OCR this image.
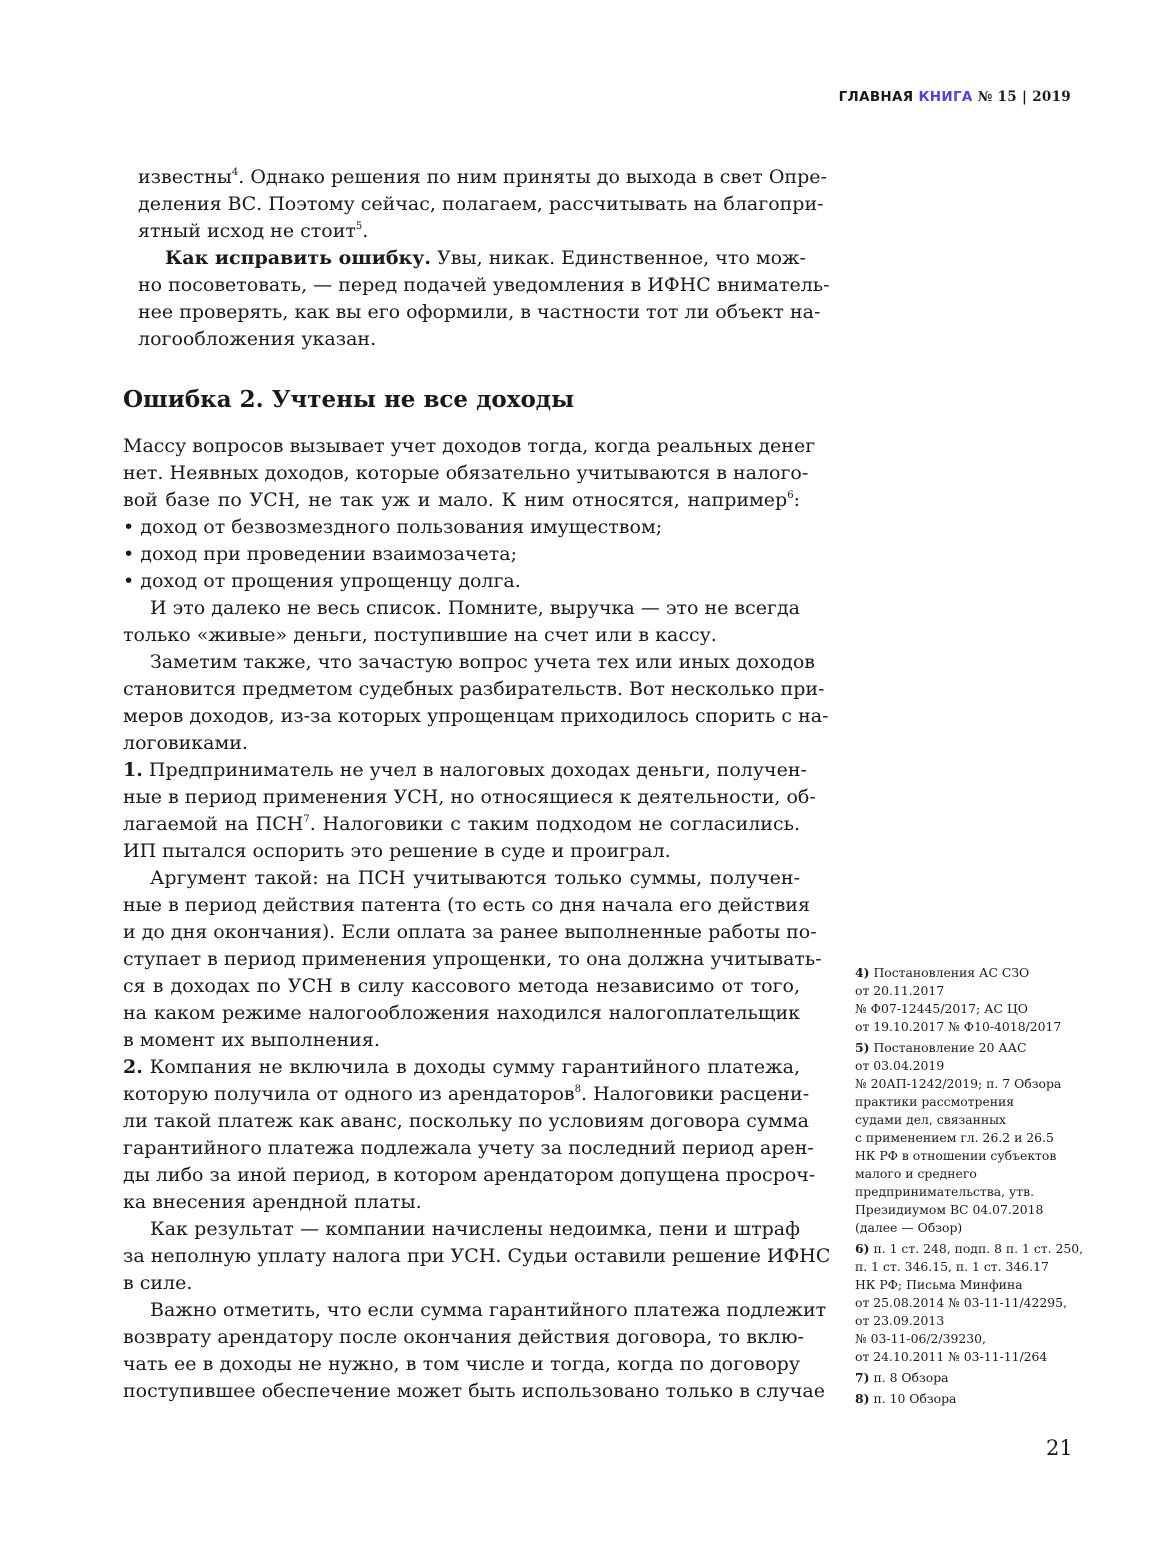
ГЛАВНАЯ КНИГА № 15 | 2019
известны$^4$. Однако решения по ним приняты до выхода в свет Опре-
деления ВС. Поэтому сейчас, полагаем, рассчитывать на благопри-
ятный исход не стоит$^5$.
Как исправить ошибку. Увы, никак. Единственное, что мож-
но посоветовать, — перед подачей уведомления в ИФНС вниматель-
нее проверять, как вы его оформили, в частности тот ли объект на-
логообложения указан.
Ошибка 2. Учтены не все доходы
Массу вопросов вызывает учет доходов тогда, когда реальных денег
нет. Неявных доходов, которые обязательно учитываются в налого-
вой базе по УСН, не так уж и мало. К ним относятся, например$^6$:
• доход от безвозмездного пользования имуществом;
• доход при проведении взаимозачета;
• доход от прощения упрощенцу долга.
И это далеко не весь список. Помните, выручка — это не всегда
только «живые» деньги, поступившие на счет или в кассу.
Заметим также, что зачастую вопрос учета тех или иных доходов
становится предметом судебных разбирательств. Вот несколько при-
меров доходов, из-за которых упрощенцам приходилось спорить с на-
логовиками.
1. Предприниматель не учел в налоговых доходах деньги, получен-
ные в период применения УСН, но относящиеся к деятельности, об-
лагаемой на ПСН$^7$. Налоговики с таким подходом не согласились.
ИП пытался оспорить это решение в суде и проиграл.
Аргумент такой: на ПСН учитываются только суммы, получен-
ные в период действия патента (то есть со дня начала его действия
и до дня окончания). Если оплата за ранее выполненные работы по-
ступает в период применения упрощенки, то она должна учитывать-
ся в доходах по УСН в силу кассового метода независимо от того,
на каком режиме налогообложения находился налогоплательщик
в момент их выполнения.
2. Компания не включила в доходы сумму гарантийного платежа,
которую получила от одного из арендаторов$^8$. Налоговики расцени-
ли такой платеж как аванс, поскольку по условиям договора сумма
гарантийного платежа подлежала учету за последний период арен-
ды либо за иной период, в котором арендатором допущена просроч-
ка внесения арендной платы.
Как результат — компании начислены недоимка, пени и штраф
за неполную уплату налога при УСН. Судьи оставили решение ИФНС
в силе.
Важно отметить, что если сумма гарантийного платежа подлежит
возврату арендатору после окончания действия договора, то вклю-
чать ее в доходы не нужно, в том числе и тогда, когда по договору
поступившее обеспечение может быть использовано только в случае
4) Постановления АС СЗО
от 20.11.2017
№ Ф07-12445/2017; АС ЦО
от 19.10.2017 № Ф10-4018/2017
5) Постановление 20 ААС
от 03.04.2019
№ 20АП-1242/2019; п. 7 Обзора
практики рассмотрения
судами дел, связанных
с применением гл. 26.2 и 26.5
НК РФ в отношении субъектов
малого и среднего
предпринимательства, утв.
Президиумом ВС 04.07.2018
(далее — Обзор)
6) п. 1 ст. 248, подп. 8 п. 1 ст. 250,
п. 1 ст. 346.15, п. 1 ст. 346.17
НК РФ; Письма Минфина
от 25.08.2014 № 03-11-11/42295,
от 23.09.2013
№ 03-11-06/2/39230,
от 24.10.2011 № 03-11-11/264
7) п. 8 Обзора
8) п. 10 Обзора
21
